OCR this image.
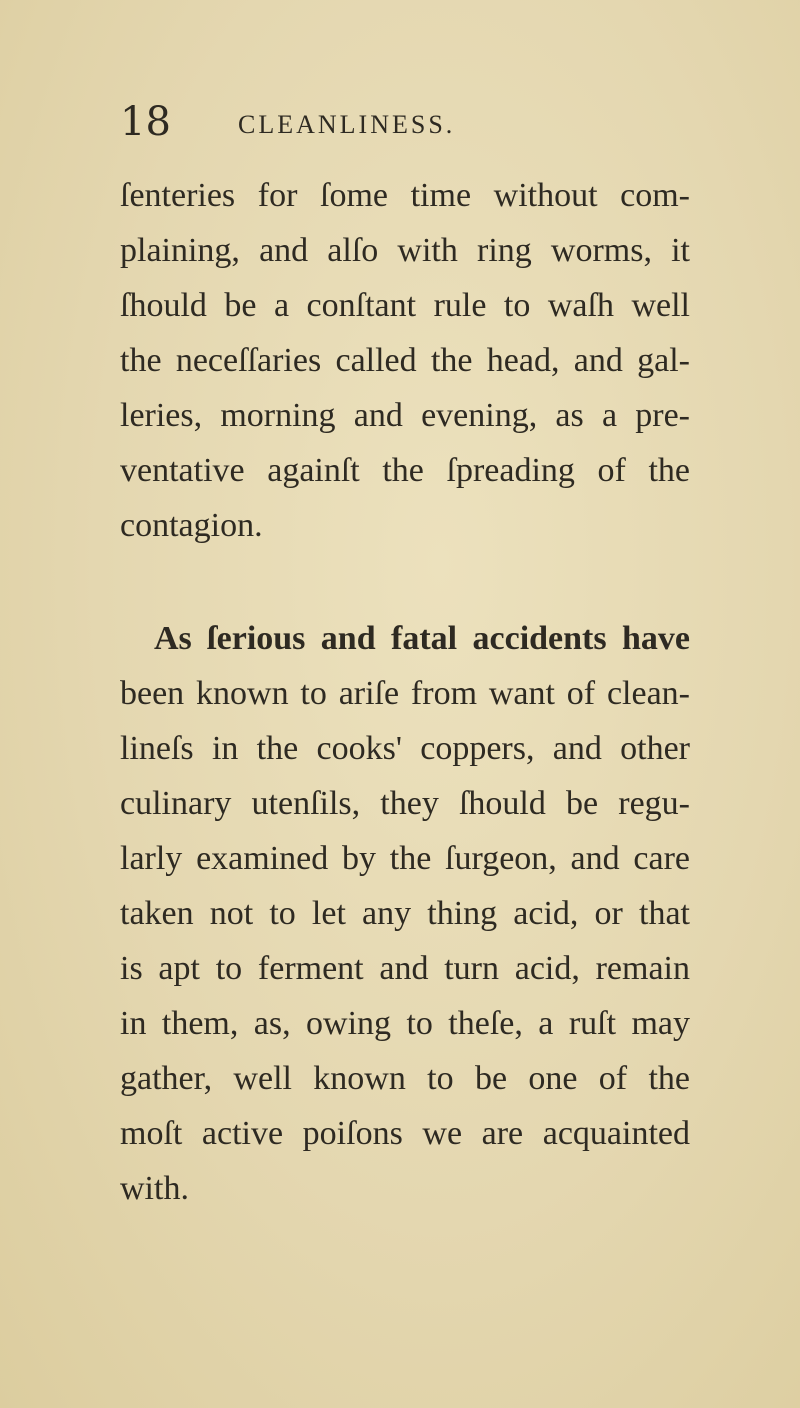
18	CLEANLINESS.
ſenteries for ſome time without com-
plaining, and alſo with ring worms, it
ſhould be a conſtant rule to waſh well
the neceſſaries called the head, and gal-
leries, morning and evening, as a pre-
ventative againſt the ſpreading of the
contagion.
As ſerious and fatal accidents have
been known to ariſe from want of clean-
lineſs in the cooks' coppers, and other
culinary utenſils, they ſhould be regu-
larly examined by the ſurgeon, and care
taken not to let any thing acid, or that
is apt to ferment and turn acid, remain
in them, as, owing to theſe, a ruſt may
gather, well known to be one of the
moſt active poiſons we are acquainted
with.
